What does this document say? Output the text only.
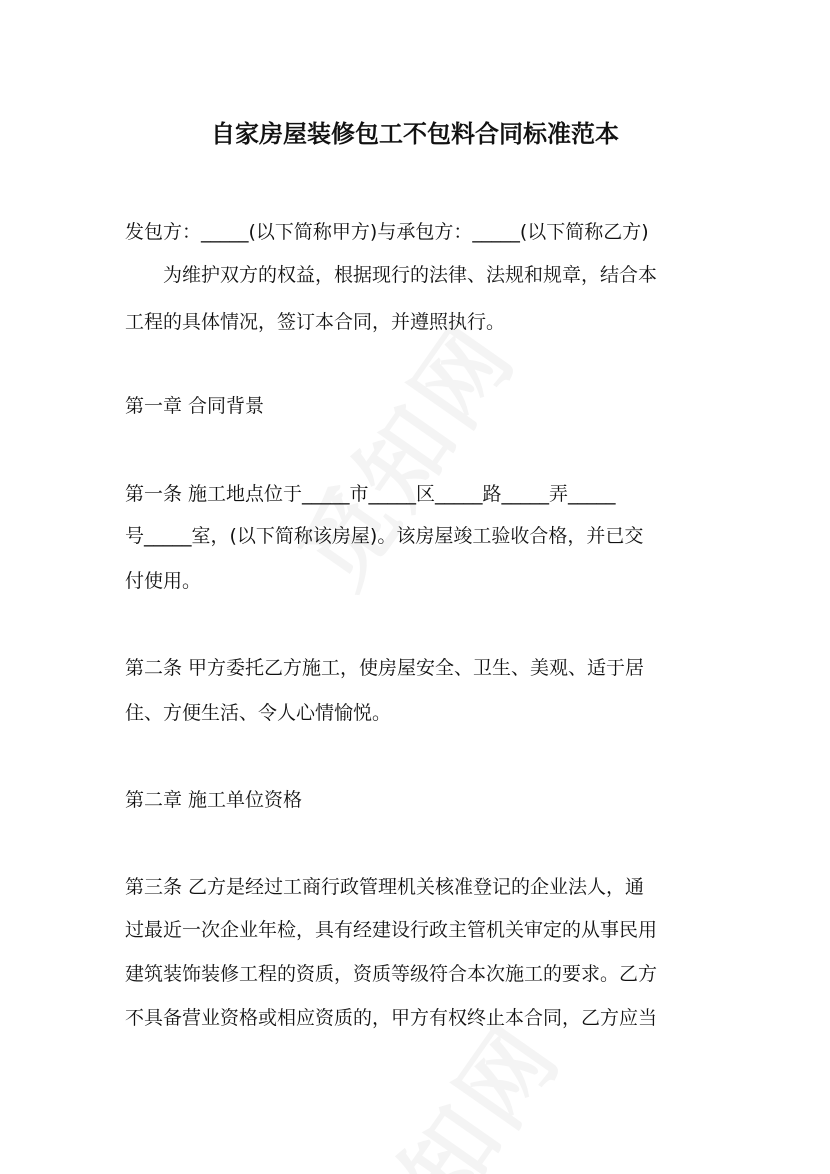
自家房屋装修包工不包料合同标准范本

发包方：_____(以下简称甲方)与承包方：_____(以下简称乙方)

为维护双方的权益，根据现行的法律、法规和规章，结合本

工程的具体情况，签订本合同，并遵照执行。

第一章 合同背景

第一条 施工地点位于_____市_____区_____路_____弄_____

号_____室，(以下简称该房屋)。该房屋竣工验收合格，并已交

付使用。

第二条 甲方委托乙方施工，使房屋安全、卫生、美观、适于居

住、方便生活、令人心情愉悦。

第二章 施工单位资格

第三条 乙方是经过工商行政管理机关核准登记的企业法人，通

过最近一次企业年检，具有经建设行政主管机关审定的从事民用

建筑装饰装修工程的资质，资质等级符合本次施工的要求。乙方

不具备营业资格或相应资质的，甲方有权终止本合同，乙方应当
